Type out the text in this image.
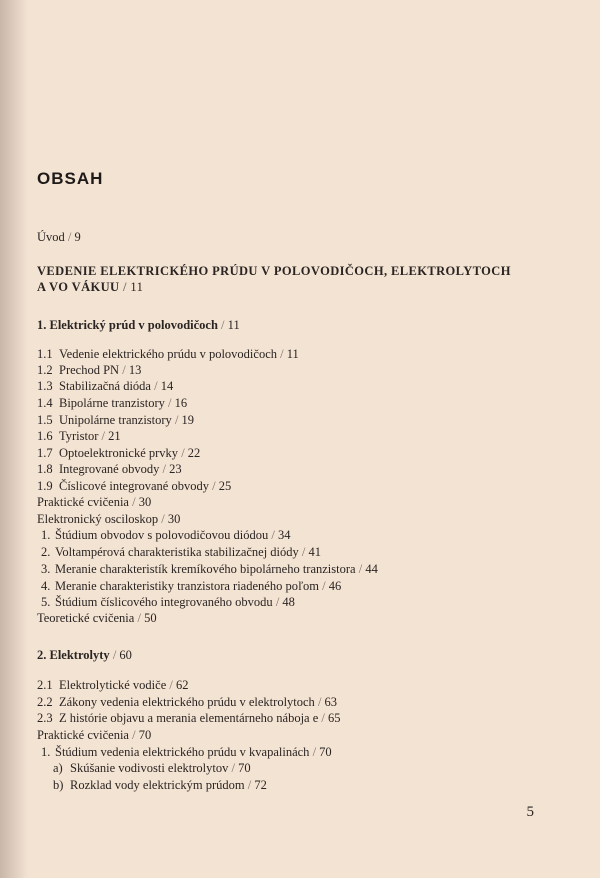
OBSAH
Úvod / 9
VEDENIE ELEKTRICKÉHO PRÚDU V POLOVODIČOCH, ELEKTROLYTOCH
A VO VÁKUU / 11
1. Elektrický prúd v polovodičoch / 11
1.1 Vedenie elektrického prúdu v polovodičoch / 11
1.2 Prechod PN / 13
1.3 Stabilizačná dióda / 14
1.4 Bipolárne tranzistory / 16
1.5 Unipolárne tranzistory / 19
1.6 Tyristor / 21
1.7 Optoelektronické prvky / 22
1.8 Integrované obvody / 23
1.9 Číslicové integrované obvody / 25
Praktické cvičenia / 30
Elektronický osciloskop / 30
1. Štúdium obvodov s polovodičovou diódou / 34
2. Voltampérová charakteristika stabilizačnej diódy / 41
3. Meranie charakteristík kremíkového bipolárneho tranzistora / 44
4. Meranie charakteristiky tranzistora riadeného poľom / 46
5. Štúdium číslicového integrovaného obvodu / 48
Teoretické cvičenia / 50
2. Elektrolyty / 60
2.1 Elektrolytické vodiče / 62
2.2 Zákony vedenia elektrického prúdu v elektrolytoch / 63
2.3 Z histórie objavu a merania elementárneho náboja e / 65
Praktické cvičenia / 70
1. Štúdium vedenia elektrického prúdu v kvapalinách / 70
a) Skúšanie vodivosti elektrolytov / 70
b) Rozklad vody elektrickým prúdom / 72
5
